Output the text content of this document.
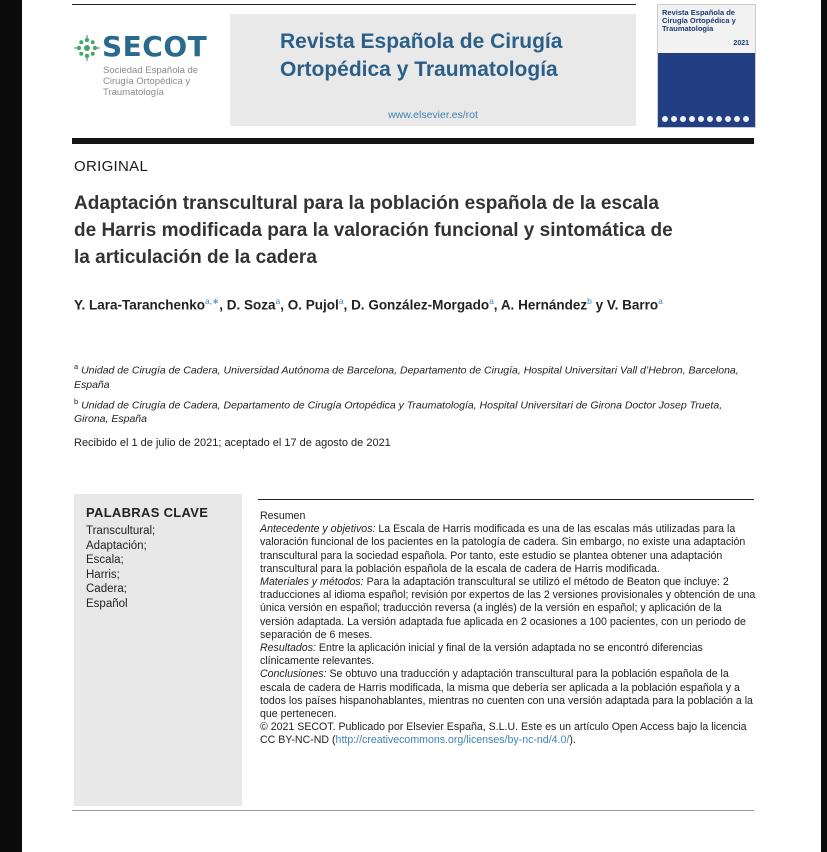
SECOT
Sociedad Española de Cirugía Ortopédica y Traumatología
Revista Española de Cirugía
Ortopédica y Traumatología
www.elsevier.es/rot
Revista Española de Cirugía Ortopédica y Traumatología
2021
ORIGINAL
Adaptación transcultural para la población española de la escala de Harris modificada para la valoración funcional y sintomática de la articulación de la cadera
Y. Lara-Taranchenko$^{a,∗}$, D. Soza$^a$, O. Pujol$^a$, D. González-Morgado$^a$, A. Hernández$^b$ y V. Barro$^a$

$^a$ Unidad de Cirugía de Cadera, Universidad Autónoma de Barcelona, Departamento de Cirugía, Hospital Universitari Vall d’Hebron, Barcelona, España

$^b$ Unidad de Cirugía de Cadera, Departamento de Cirugía Ortopédica y Traumatología, Hospital Universitari de Girona Doctor Josep Trueta, Girona, España

Recibido el 1 de julio de 2021; aceptado el 17 de agosto de 2021
PALABRAS CLAVE
Transcultural;
Adaptación;
Escala;
Harris;
Cadera;
Español

Resumen

Antecedente y objetivos: La Escala de Harris modificada es una de las escalas más utilizadas para la valoración funcional de los pacientes en la patología de cadera. Sin embargo, no existe una adaptación transcultural para la sociedad española. Por tanto, este estudio se plantea obtener una adaptación transcultural para la población española de la escala de cadera de Harris modificada.

Materiales y métodos: Para la adaptación transcultural se utilizó el método de Beaton que incluye: 2 traducciones al idioma español; revisión por expertos de las 2 versiones provisionales y obtención de una única versión en español; traducción reversa (a inglés) de la versión en español; y aplicación de la versión adaptada. La versión adaptada fue aplicada en 2 ocasiones a 100 pacientes, con un periodo de separación de 6 meses.

Resultados: Entre la aplicación inicial y final de la versión adaptada no se encontró diferencias clínicamente relevantes.

Conclusiones: Se obtuvo una traducción y adaptación transcultural para la población española de la escala de cadera de Harris modificada, la misma que debería ser aplicada a la población española y a todos los países hispanohablantes, mientras no cuenten con una versión adaptada para la población a la que pertenecen.

© 2021 SECOT. Publicado por Elsevier España, S.L.U. Este es un artículo Open Access bajo la licencia CC BY-NC-ND (http://creativecommons.org/licenses/by-nc-nd/4.0/).
